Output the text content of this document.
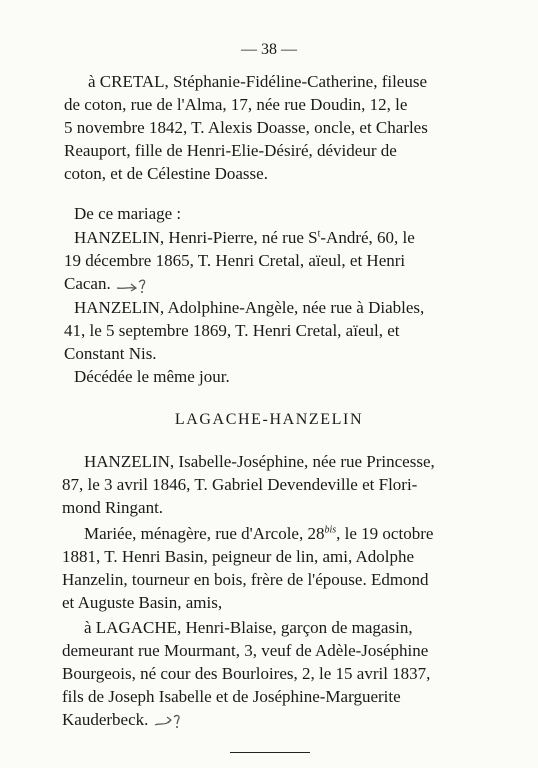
— 38 —
à CRETAL, Stéphanie-Fidéline-Catherine, fileuse
de coton, rue de l'Alma, 17, née rue Doudin, 12, le
5 novembre 1842, T. Alexis Doasse, oncle, et Charles
Reauport, fille de Henri-Elie-Désiré, dévideur de
coton, et de Célestine Doasse.
De ce mariage :
HANZELIN, Henri-Pierre, né rue $S^t$-André, 60, le
19 décembre 1865, T. Henri Cretal, aïeul, et Henri
Cacan.
HANZELIN, Adolphine-Angèle, née rue à Diables,
41, le 5 septembre 1869, T. Henri Cretal, aïeul, et
Constant Nis.
Décédée le même jour.
LAGACHE-HANZELIN
HANZELIN, Isabelle-Joséphine, née rue Princesse,
87, le 3 avril 1846, T. Gabriel Devendeville et Flori-
mond Ringant.
Mariée, ménagère, rue d'Arcole, $28^{bis}$, le 19 octobre
1881, T. Henri Basin, peigneur de lin, ami, Adolphe
Hanzelin, tourneur en bois, frère de l'épouse. Edmond
et Auguste Basin, amis,
à LAGACHE, Henri-Blaise, garçon de magasin,
demeurant rue Mourmant, 3, veuf de Adèle-Joséphine
Bourgeois, né cour des Bourloires, 2, le 15 avril 1837,
fils de Joseph Isabelle et de Joséphine-Marguerite
Kauderbeck.
